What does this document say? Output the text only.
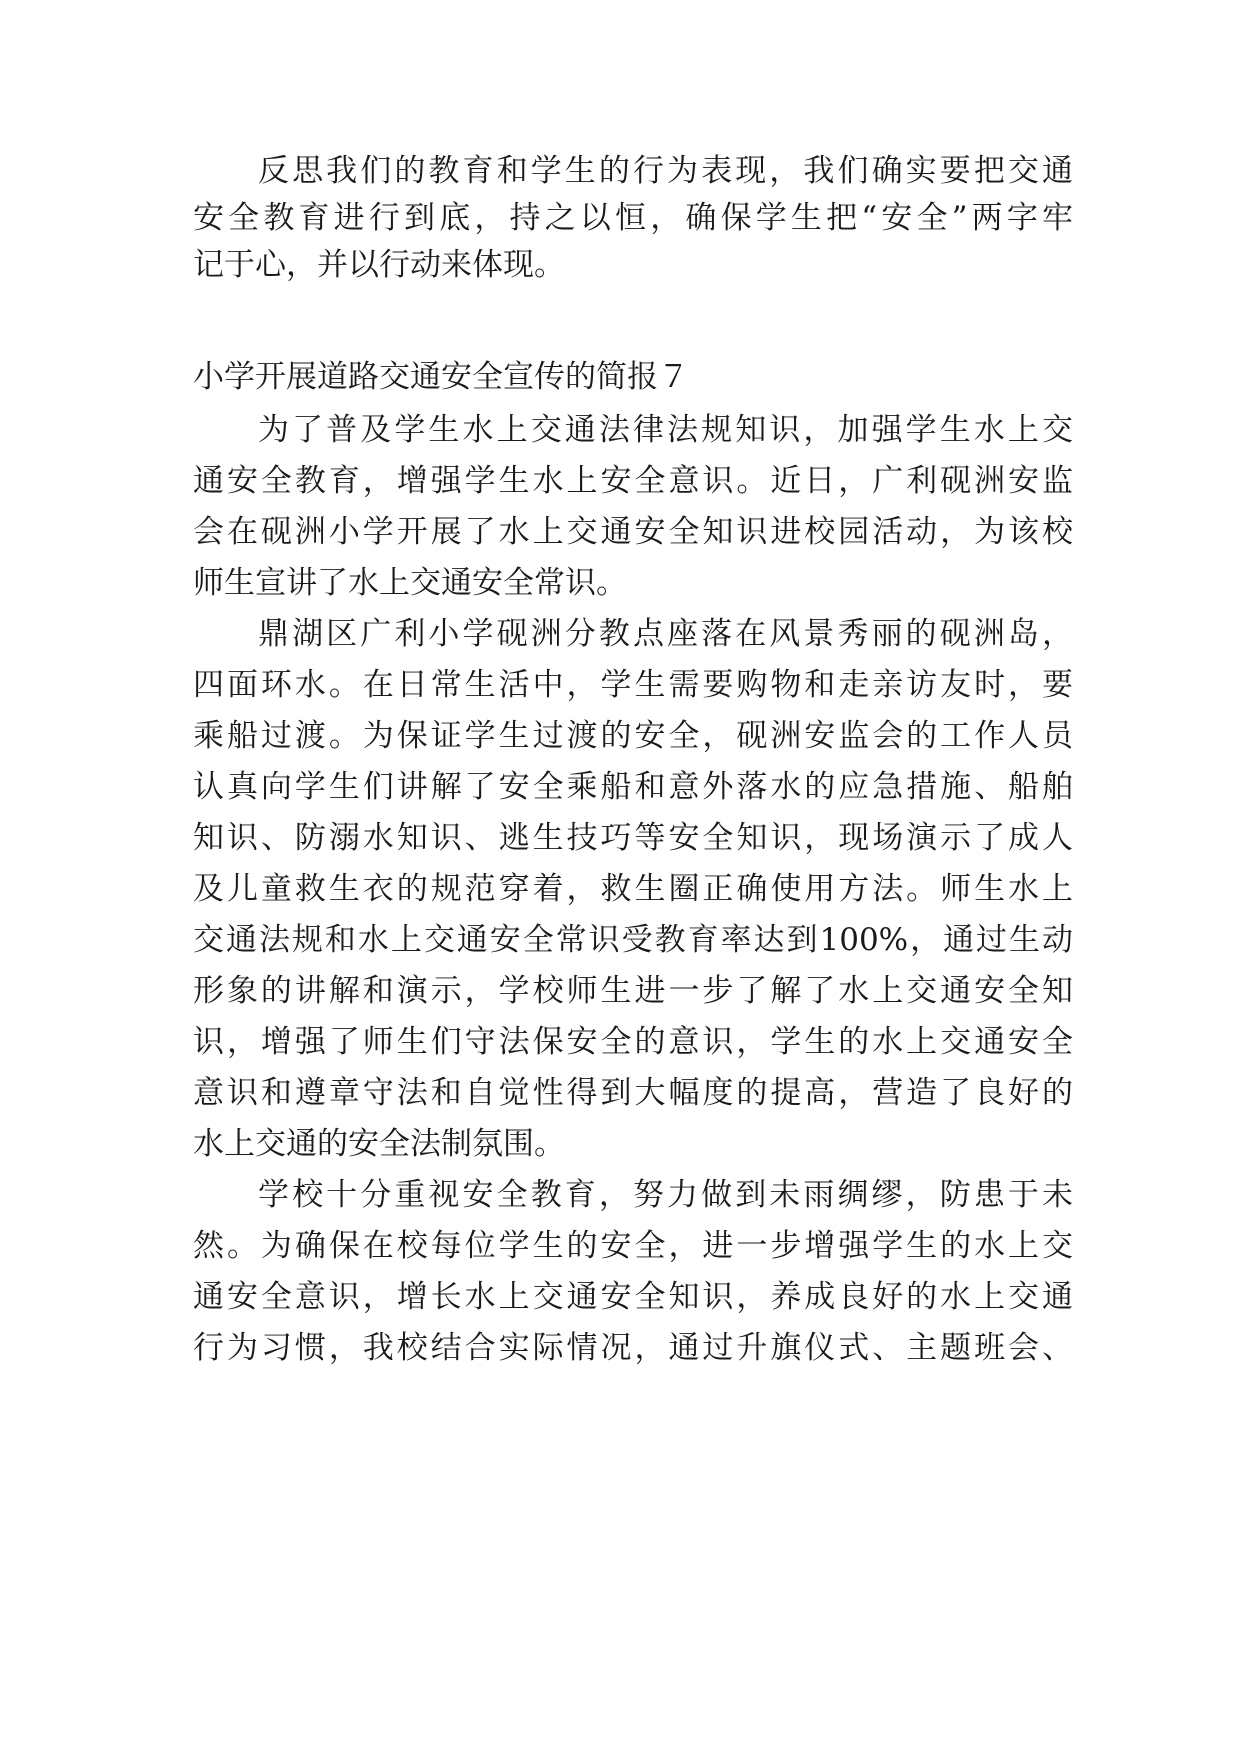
反思我们的教育和学生的行为表现，我们确实要把交通
安全教育进行到底，持之以恒，确保学生把“安全”两字牢
记于心，并以行动来体现。
小学开展道路交通安全宣传的简报７
为了普及学生水上交通法律法规知识，加强学生水上交
通安全教育，增强学生水上安全意识。近日，广利砚洲安监
会在砚洲小学开展了水上交通安全知识进校园活动，为该校
师生宣讲了水上交通安全常识。
鼎湖区广利小学砚洲分教点座落在风景秀丽的砚洲岛，
四面环水。在日常生活中，学生需要购物和走亲访友时，要
乘船过渡。为保证学生过渡的安全，砚洲安监会的工作人员
认真向学生们讲解了安全乘船和意外落水的应急措施、船舶
知识、防溺水知识、逃生技巧等安全知识，现场演示了成人
及儿童救生衣的规范穿着，救生圈正确使用方法。师生水上
交通法规和水上交通安全常识受教育率达到100%，通过生动
形象的讲解和演示，学校师生进一步了解了水上交通安全知
识，增强了师生们守法保安全的意识，学生的水上交通安全
意识和遵章守法和自觉性得到大幅度的提高，营造了良好的
水上交通的安全法制氛围。
学校十分重视安全教育，努力做到未雨绸缪，防患于未
然。为确保在校每位学生的安全，进一步增强学生的水上交
通安全意识，增长水上交通安全知识，养成良好的水上交通
行为习惯，我校结合实际情况，通过升旗仪式、主题班会、
